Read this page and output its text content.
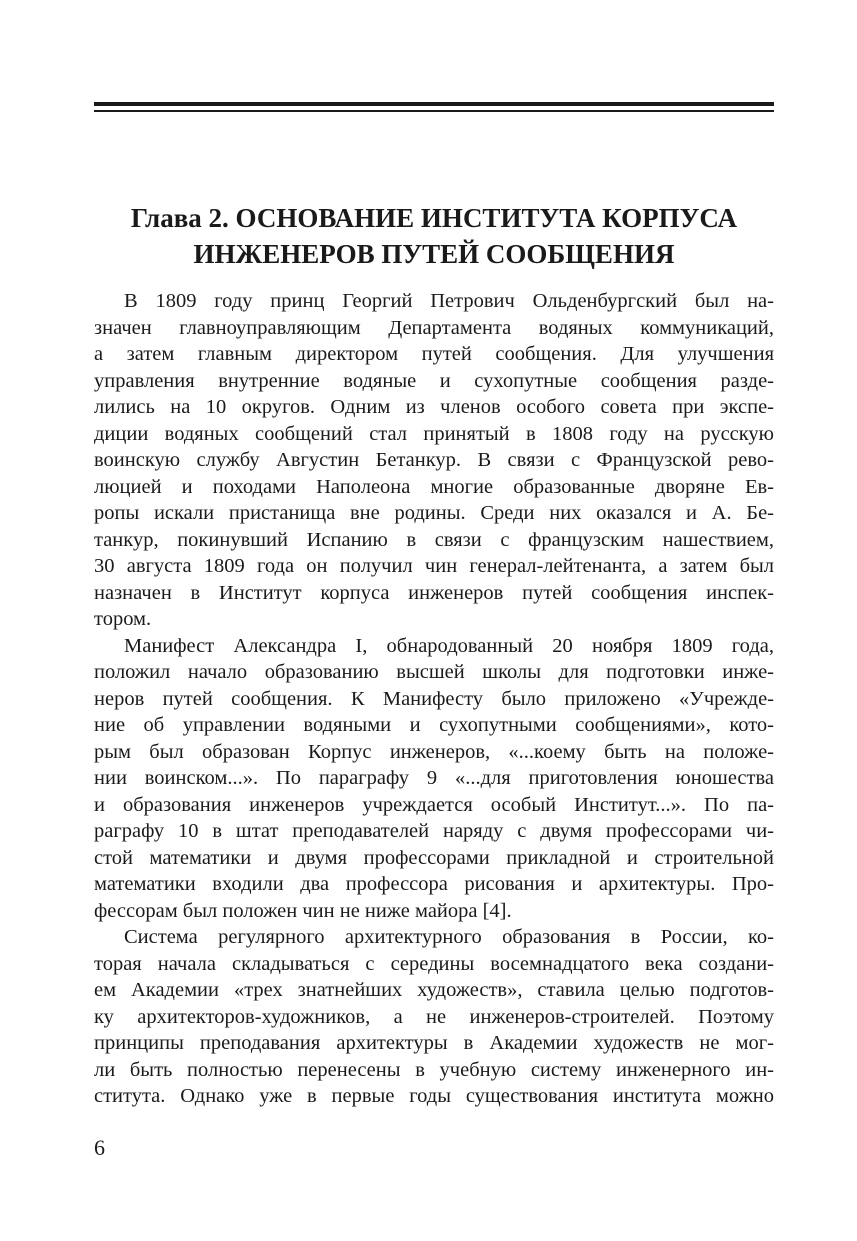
Глава 2. ОСНОВАНИЕ ИНСТИТУТА КОРПУСА
ИНЖЕНЕРОВ ПУТЕЙ СООБЩЕНИЯ

В 1809 году принц Георгий Петрович Ольденбургский был на-
значен главноуправляющим Департамента водяных коммуникаций,
а затем главным директором путей сообщения. Для улучшения
управления внутренние водяные и сухопутные сообщения разде-
лились на 10 округов. Одним из членов особого совета при экспе-
диции водяных сообщений стал принятый в 1808 году на русскую
воинскую службу Августин Бетанкур. В связи с Французской рево-
люцией и походами Наполеона многие образованные дворяне Ев-
ропы искали пристанища вне родины. Среди них оказался и А. Бе-
танкур, покинувший Испанию в связи с французским нашествием,
30 августа 1809 года он получил чин генерал-лейтенанта, а затем был
назначен в Институт корпуса инженеров путей сообщения инспек-
тором.

Манифест Александра I, обнародованный 20 ноября 1809 года,
положил начало образованию высшей школы для подготовки инже-
неров путей сообщения. К Манифесту было приложено «Учрежде-
ние об управлении водяными и сухопутными сообщениями», кото-
рым был образован Корпус инженеров, «...коему быть на положе-
нии воинском...». По параграфу 9 «...для приготовления юношества
и образования инженеров учреждается особый Институт...». По па-
раграфу 10 в штат преподавателей наряду с двумя профессорами чи-
стой математики и двумя профессорами прикладной и строительной
математики входили два профессора рисования и архитектуры. Про-
фессорам был положен чин не ниже майора [4].

Система регулярного архитектурного образования в России, ко-
торая начала складываться с середины восемнадцатого века создани-
ем Академии «трех знатнейших художеств», ставила целью подготов-
ку архитекторов-художников, а не инженеров-строителей. Поэтому
принципы преподавания архитектуры в Академии художеств не мог-
ли быть полностью перенесены в учебную систему инженерного ин-
ститута. Однако уже в первые годы существования института можно

6
